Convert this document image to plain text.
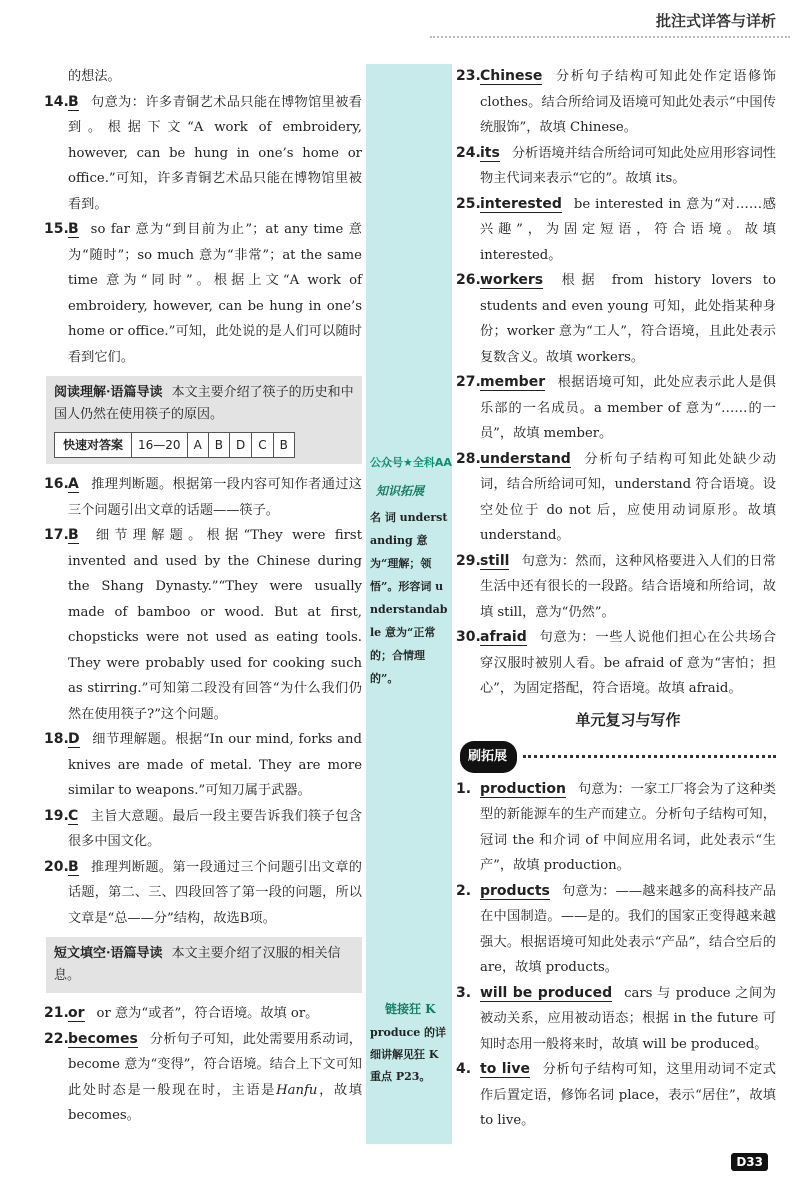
批注式详答与详析
公众号★全科AA
知识拓展
名 词 understanding 意为“理解；领悟”。形容词 understandable 意为“正常的；合情理的”。
链接狂 K
produce 的详细讲解见狂 K 重点 P23。
的想法。
14.B 句意为：许多青铜艺术品只能在博物馆里被看到。根据下文“A work of embroidery, however, can be hung in one’s home or office.”可知，许多青铜艺术品只能在博物馆里被看到。
15.B so far 意为“到目前为止”；at any time 意为“随时”；so much 意为“非常”；at the same time 意为“同时”。根据上文“A work of embroidery, however, can be hung in one’s home or office.”可知，此处说的是人们可以随时看到它们。
阅读理解·语篇导读 本文主要介绍了筷子的历史和中国人仍然在使用筷子的原因。
快速对答案	16—20	A	B	D	C	B
16.A 推理判断题。根据第一段内容可知作者通过这三个问题引出文章的话题——筷子。
17.B 细节理解题。根据“They were first invented and used by the Chinese during the Shang Dynasty.”“They were usually made of bamboo or wood. But at first, chopsticks were not used as eating tools. They were probably used for cooking such as stirring.”可知第二段没有回答“为什么我们仍然在使用筷子?”这个问题。
18.D 细节理解题。根据“In our mind, forks and knives are made of metal. They are more similar to weapons.”可知刀属于武器。
19.C 主旨大意题。最后一段主要告诉我们筷子包含很多中国文化。
20.B 推理判断题。第一段通过三个问题引出文章的话题，第二、三、四段回答了第一段的问题，所以文章是“总——分”结构，故选B项。
短文填空·语篇导读 本文主要介绍了汉服的相关信息。
21.or or 意为“或者”，符合语境。故填 or。
22.becomes 分析句子可知，此处需要用系动词，become 意为“变得”，符合语境。结合上下文可知此处时态是一般现在时，主语是Hanfu，故填 becomes。
23.Chinese 分析句子结构可知此处作定语修饰 clothes。结合所给词及语境可知此处表示“中国传统服饰”，故填 Chinese。
24.its 分析语境并结合所给词可知此处应用形容词性物主代词来表示“它的”。故填 its。
25.interested be interested in 意为“对……感兴趣”，为固定短语，符合语境。故填 interested。
26.workers 根据 from history lovers to students and even young 可知，此处指某种身份；worker 意为“工人”，符合语境，且此处表示复数含义。故填 workers。
27.member 根据语境可知，此处应表示此人是俱乐部的一名成员。a member of 意为“……的一员”，故填 member。
28.understand 分析句子结构可知此处缺少动词，结合所给词可知，understand 符合语境。设空处位于 do not 后，应使用动词原形。故填 understand。
29.still 句意为：然而，这种风格要进入人们的日常生活中还有很长的一段路。结合语境和所给词，故填 still，意为“仍然”。
30.afraid 句意为：一些人说他们担心在公共场合穿汉服时被别人看。be afraid of 意为“害怕；担心”，为固定搭配，符合语境。故填 afraid。
单元复习与写作
刷拓展
1. production 句意为：一家工厂将会为了这种类型的新能源车的生产而建立。分析句子结构可知，冠词 the 和介词 of 中间应用名词，此处表示“生产”，故填 production。
2. products 句意为：——越来越多的高科技产品在中国制造。——是的。我们的国家正变得越来越强大。根据语境可知此处表示“产品”，结合空后的 are，故填 products。
3. will be produced cars 与 produce 之间为被动关系，应用被动语态；根据 in the future 可知时态用一般将来时，故填 will be produced。
4. to live 分析句子结构可知，这里用动词不定式作后置定语，修饰名词 place，表示“居住”，故填 to live。
D33
